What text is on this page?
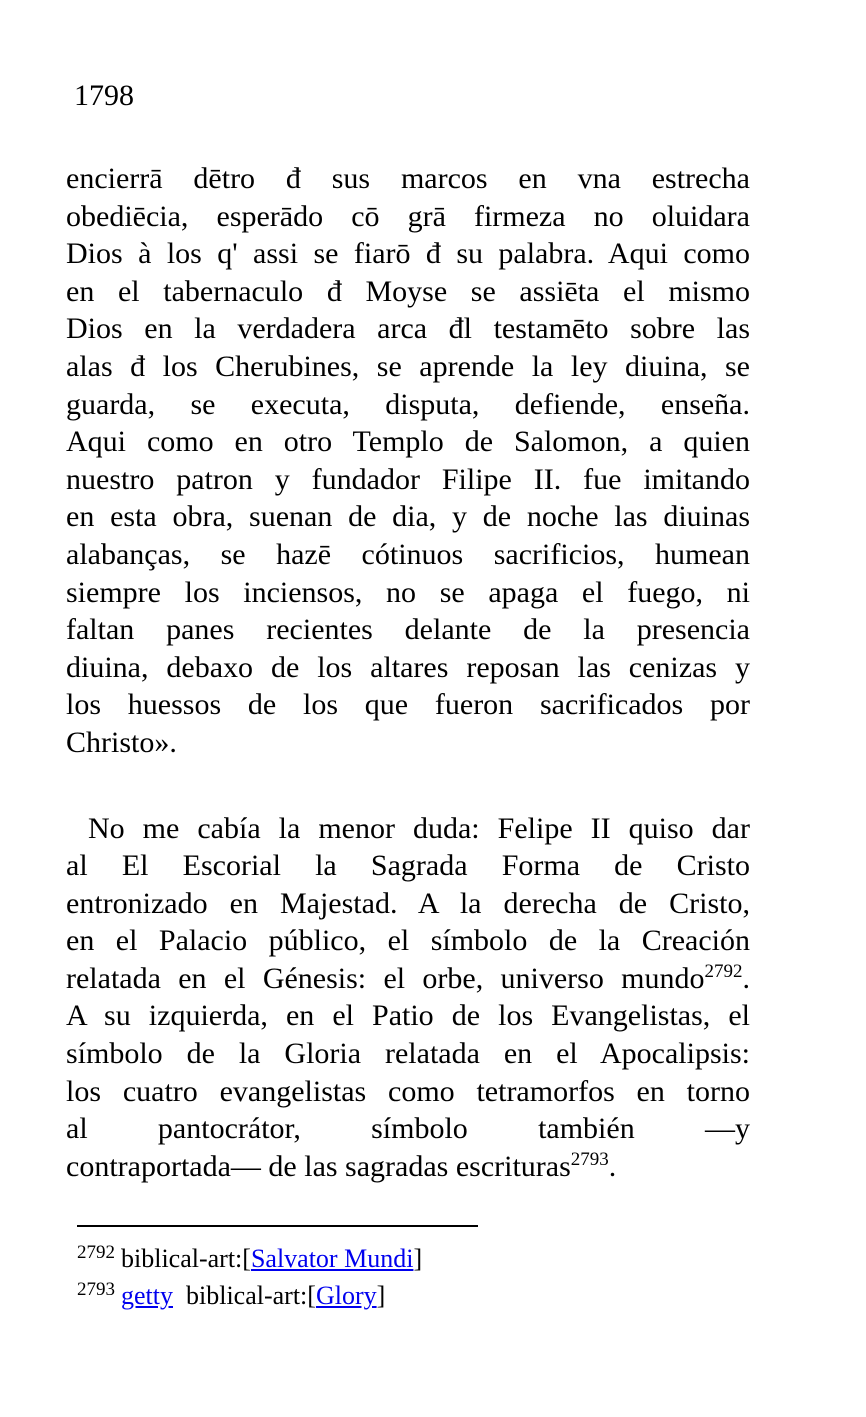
1798
encierrā dētro đ sus marcos en vna estrecha
obediēcia, esperādo cō grā firmeza no oluidara
Dios à los q' assi se fiarō đ su palabra. Aqui como
en el tabernaculo đ Moyse se assiēta el mismo
Dios en la verdadera arca đl testamēto sobre las
alas đ los Cherubines, se aprende la ley diuina, se
guarda, se executa, disputa, defiende, enseña.
Aqui como en otro Templo de Salomon, a quien
nuestro patron y fundador Filipe II. fue imitando
en esta obra, suenan de dia, y de noche las diuinas
alabanças, se hazē cótinuos sacrificios, humean
siempre los inciensos, no se apaga el fuego, ni
faltan panes recientes delante de la presencia
diuina, debaxo de los altares reposan las cenizas y
los huessos de los que fueron sacrificados por
Christo».
No me cabía la menor duda: Felipe II quiso dar
al El Escorial la Sagrada Forma de Cristo
entronizado en Majestad. A la derecha de Cristo,
en el Palacio público, el símbolo de la Creación
relatada en el Génesis: el orbe, universo mundo$^{2792}$.
A su izquierda, en el Patio de los Evangelistas, el
símbolo de la Gloria relatada en el Apocalipsis:
los cuatro evangelistas como tetramorfos en torno
al pantocrátor, símbolo también —y
contraportada— de las sagradas escrituras$^{2793}$.
$^{2792}$ biblical-art:[Salvator Mundi]
$^{2793}$ getty  biblical-art:[Glory]
